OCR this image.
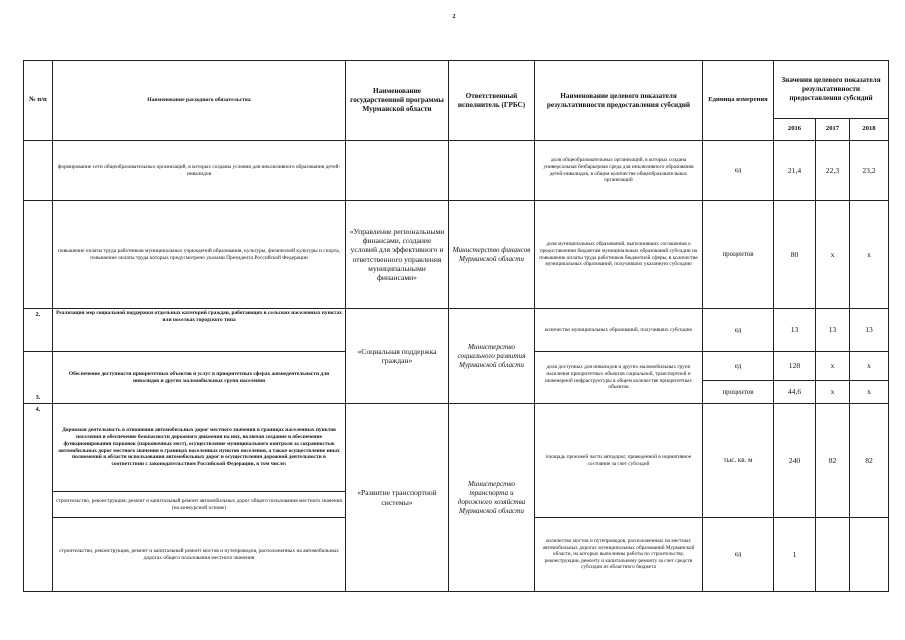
2
№ п/п	Наименование расходного обязательства	Наименование государственной программы Мурманской области	Ответственный исполнитель (ГРБС)	Наименование целевого показателя результативности предоставления субсидий	Единица измерения	Значения целевого показателя результативности предоставления субсидий		
						2016	2017	2018
	формирование сети общеобразовательных организаций, в которых созданы условия для инклюзивного образования детей-инвалидов			доля общеобразовательных организаций, в которых создана универсальная безбарьерная среда для инклюзивного образования детей-инвалидов, в общем количестве общеобразовательных организаций	ед	21,4	22,3	23,2
	повышение оплаты труда работников муниципальных учреждений образования, культуры, физической культуры и спорта, повышение оплаты труда которых предусмотрено указами Президента Российской Федерации	«Управление региональными финансами, создание условий для эффективного и ответственного управления муниципальными финансами»	Министерство финансов Мурманской области	доля муниципальных образований, выполнивших соглашения о предоставлении бюджетам муниципальных образований субсидии на повышение оплаты труда работников бюджетной сферы, в количестве муниципальных образований, получивших указанную субсидию	процентов	80	х	х
2.	Реализация мер социальной поддержки отдельных категорий граждан, работающих в сельских населенных пунктах или поселках городского типа	«Социальная поддержка граждан»	Министерство социального развития Мурманской области	количество муниципальных образований, получивших субсидию	ед	13	13	13
3.	Обеспечение доступности приоритетных объектов и услуг в приоритетных сферах жизнедеятельности для инвалидов и других маломобильных групп населения			доля доступных для инвалидов и других маломобильных групп населения приоритетных объектов социальной, транспортной и инженерной инфраструктуры в общем количестве приоритетных объектов	ед	128	х	х
					процентов	44,6	х	х
4.	Дорожная деятельность в отношении автомобильных дорог местного значения в границах населенных пунктов поселения и обеспечение безопасности дорожного движения на них, включая создание и обеспечение функционирования парковок (парковочных мест), осуществление муниципального контроля за сохранностью автомобильных дорог местного значения в границах населенных пунктов поселения, а также осуществление иных полномочий в области использования автомобильных дорог и осуществления дорожной деятельности в соответствии с законодательством Российской Федерации, в том числе:	«Развитие транспортной системы»	Министерство транспорта и дорожного хозяйства Мурманской области	площадь проезжей части автодорог, приведенной в нормативное состояние за счет субсидий	тыс. кв. м	240	82	82
	строительство, реконструкция, ремонт и капитальный ремонт автомобильных дорог общего пользования местного значения (на конкурсной основе)							
	строительство, реконструкция, ремонт и капитальный ремонт мостов и путепроводов, расположенных на автомобильных дорогах общего пользования местного значения			количество мостов и путепроводов, расположенных на местных автомобильных дорогах муниципальных образований Мурманской области, на которых выполнены работы по строительству, реконструкции, ремонту и капитальному ремонту за счет средств субсидии из областного бюджета	ед	1		
